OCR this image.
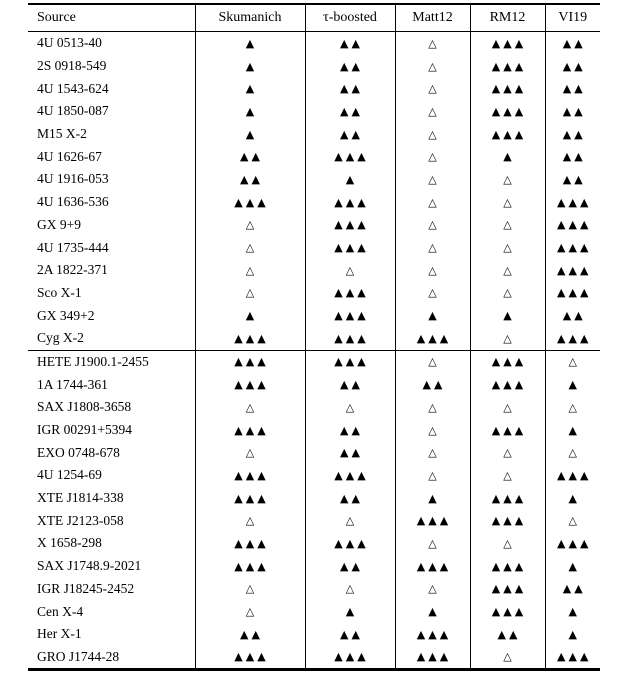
Source	Skumanich	τ-boosted	Matt12	RM12	VI19
4U 0513-40	▲	▲▲	△	▲▲▲	▲▲
2S 0918-549	▲	▲▲	△	▲▲▲	▲▲
4U 1543-624	▲	▲▲	△	▲▲▲	▲▲
4U 1850-087	▲	▲▲	△	▲▲▲	▲▲
M15 X-2	▲	▲▲	△	▲▲▲	▲▲
4U 1626-67	▲▲	▲▲▲	△	▲	▲▲
4U 1916-053	▲▲	▲	△	△	▲▲
4U 1636-536	▲▲▲	▲▲▲	△	△	▲▲▲
GX 9+9	△	▲▲▲	△	△	▲▲▲
4U 1735-444	△	▲▲▲	△	△	▲▲▲
2A 1822-371	△	△	△	△	▲▲▲
Sco X-1	△	▲▲▲	△	△	▲▲▲
GX 349+2	▲	▲▲▲	▲	▲	▲▲
Cyg X-2	▲▲▲	▲▲▲	▲▲▲	△	▲▲▲
HETE J1900.1-2455	▲▲▲	▲▲▲	△	▲▲▲	△
1A 1744-361	▲▲▲	▲▲	▲▲	▲▲▲	▲
SAX J1808-3658	△	△	△	△	△
IGR 00291+5394	▲▲▲	▲▲	△	▲▲▲	▲
EXO 0748-678	△	▲▲	△	△	△
4U 1254-69	▲▲▲	▲▲▲	△	△	▲▲▲
XTE J1814-338	▲▲▲	▲▲	▲	▲▲▲	▲
XTE J2123-058	△	△	▲▲▲	▲▲▲	△
X 1658-298	▲▲▲	▲▲▲	△	△	▲▲▲
SAX J1748.9-2021	▲▲▲	▲▲	▲▲▲	▲▲▲	▲
IGR J18245-2452	△	△	△	▲▲▲	▲▲
Cen X-4	△	▲	▲	▲▲▲	▲
Her X-1	▲▲	▲▲	▲▲▲	▲▲	▲
GRO J1744-28	▲▲▲	▲▲▲	▲▲▲	△	▲▲▲
